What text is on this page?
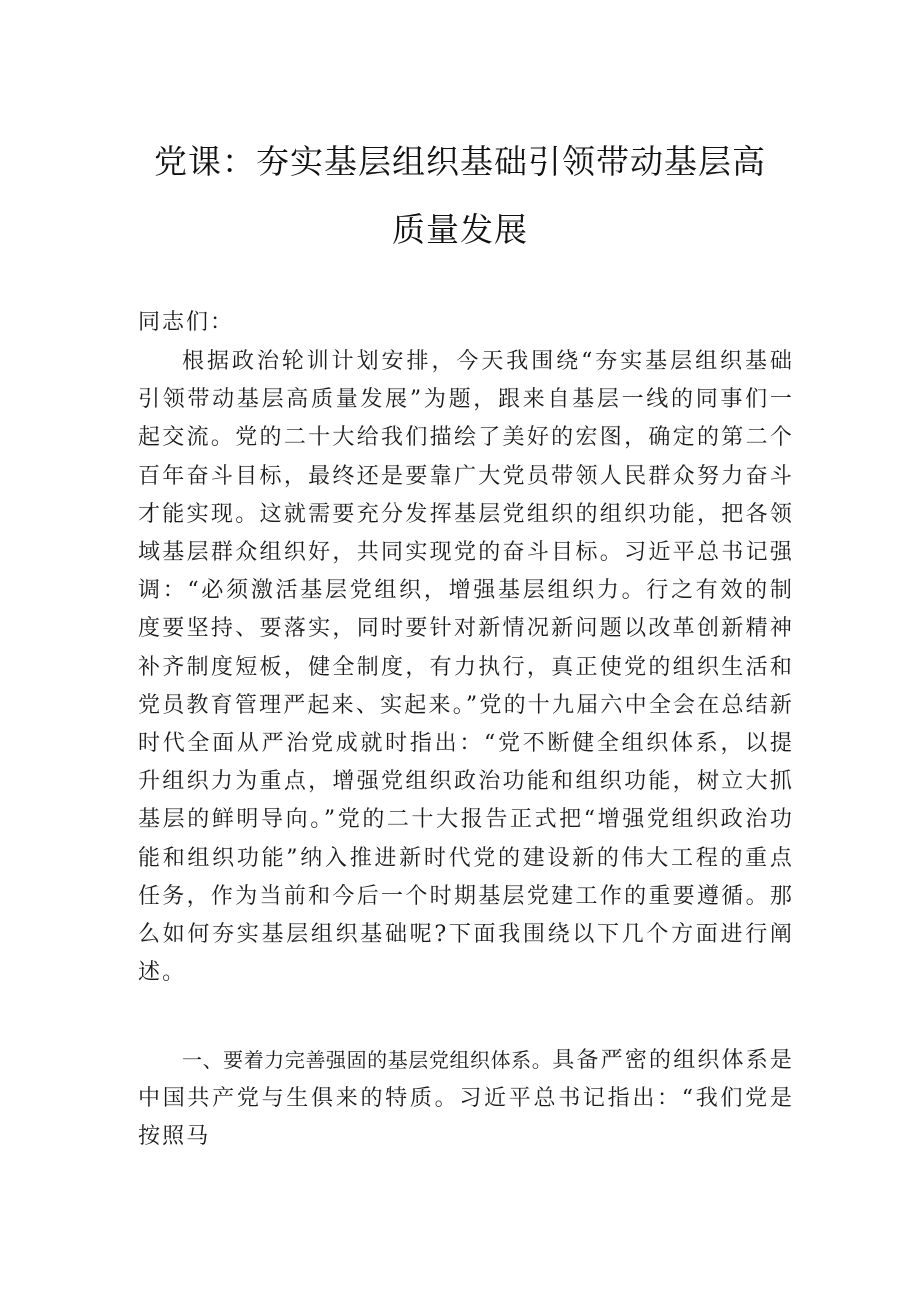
党课：夯实基层组织基础引领带动基层高
质量发展
同志们：

根据政治轮训计划安排，今天我围绕“夯实基层组织基础引领带动基层高质量发展”为题，跟来自基层一线的同事们一起交流。党的二十大给我们描绘了美好的宏图，确定的第二个百年奋斗目标，最终还是要靠广大党员带领人民群众努力奋斗才能实现。这就需要充分发挥基层党组织的组织功能，把各领域基层群众组织好，共同实现党的奋斗目标。习近平总书记强调：“必须激活基层党组织，增强基层组织力。行之有效的制度要坚持、要落实，同时要针对新情况新问题以改革创新精神补齐制度短板，健全制度，有力执行，真正使党的组织生活和党员教育管理严起来、实起来。”党的十九届六中全会在总结新时代全面从严治党成就时指出：“党不断健全组织体系，以提升组织力为重点，增强党组织政治功能和组织功能，树立大抓基层的鲜明导向。”党的二十大报告正式把“增强党组织政治功能和组织功能”纳入推进新时代党的建设新的伟大工程的重点任务，作为当前和今后一个时期基层党建工作的重要遵循。那么如何夯实基层组织基础呢?下面我围绕以下几个方面进行阐述。

一、要着力完善强固的基层党组织体系。具备严密的组织体系是中国共产党与生俱来的特质。习近平总书记指出：“我们党是按照马
